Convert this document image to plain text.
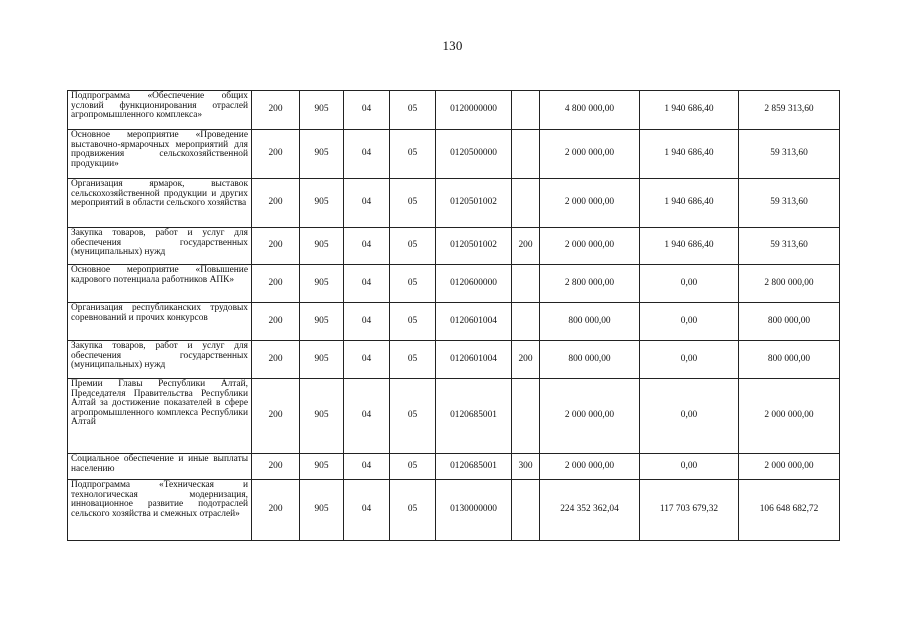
130
Подпрограмма «Обеспечение общих условий функционирования отраслей агропромышленного комплекса»	200	905	04	05	0120000000		4 800 000,00	1 940 686,40	2 859 313,60
Основное мероприятие «Проведение выставочно-ярмарочных мероприятий для продвижения сельскохозяйственной продукции»	200	905	04	05	0120500000		2 000 000,00	1 940 686,40	59 313,60
Организация ярмарок, выставок сельскохозяйственной продукции и других мероприятий в области сельского хозяйства	200	905	04	05	0120501002		2 000 000,00	1 940 686,40	59 313,60
Закупка товаров, работ и услуг для обеспечения государственных (муниципальных) нужд	200	905	04	05	0120501002	200	2 000 000,00	1 940 686,40	59 313,60
Основное мероприятие «Повышение кадрового потенциала работников АПК»	200	905	04	05	0120600000		2 800 000,00	0,00	2 800 000,00
Организация республиканских трудовых соревнований и прочих конкурсов	200	905	04	05	0120601004		800 000,00	0,00	800 000,00
Закупка товаров, работ и услуг для обеспечения государственных (муниципальных) нужд	200	905	04	05	0120601004	200	800 000,00	0,00	800 000,00
Премии Главы Республики Алтай, Председателя Правительства Республики Алтай за достижение показателей в сфере агропромышленного комплекса Республики Алтай	200	905	04	05	0120685001		2 000 000,00	0,00	2 000 000,00
Социальное обеспечение и иные выплаты населению	200	905	04	05	0120685001	300	2 000 000,00	0,00	2 000 000,00
Подпрограмма «Техническая и технологическая модернизация, инновационное развитие подотраслей сельского хозяйства и смежных отраслей»	200	905	04	05	0130000000		224 352 362,04	117 703 679,32	106 648 682,72
